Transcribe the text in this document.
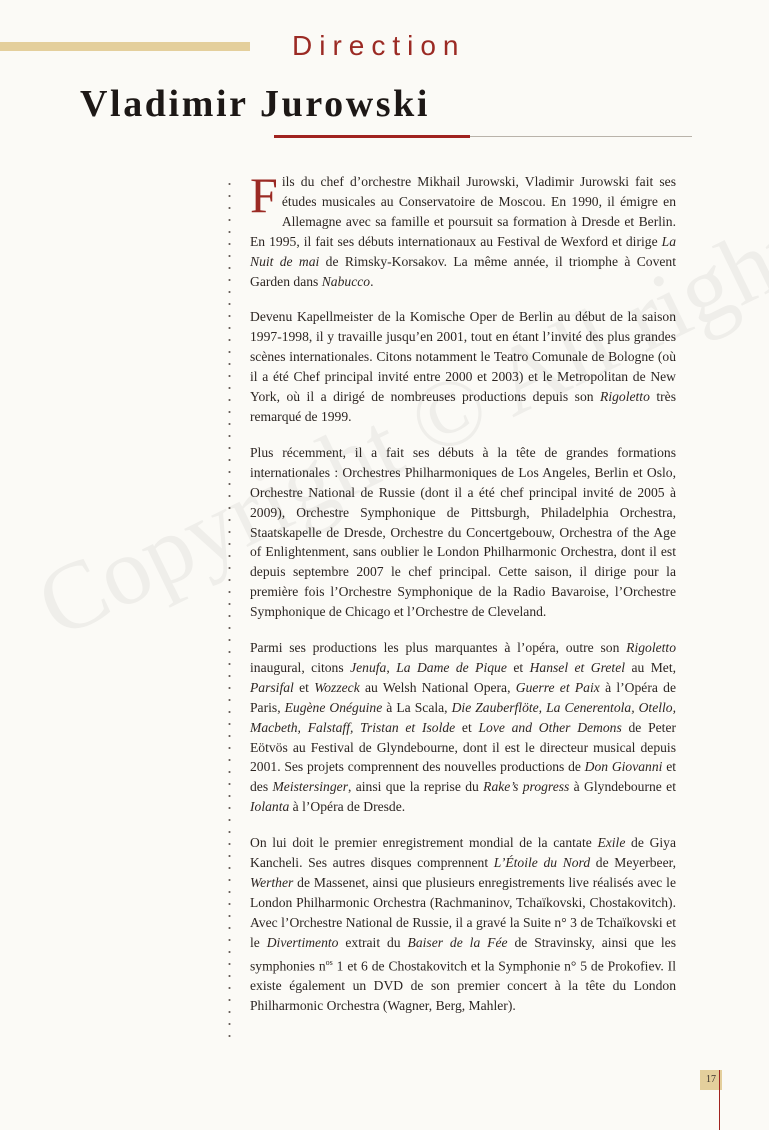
Direction
Vladimir Jurowski

Fils du chef d’orchestre Mikhail Jurowski, Vladimir Jurowski fait ses études musicales au Conservatoire de Moscou. En 1990, il émigre en Allemagne avec sa famille et poursuit sa formation à Dresde et Berlin. En 1995, il fait ses débuts internationaux au Festival de Wexford et dirige La Nuit de mai de Rimsky-Korsakov. La même année, il triomphe à Covent Garden dans Nabucco.

Devenu Kapellmeister de la Komische Oper de Berlin au début de la saison 1997-1998, il y travaille jusqu’en 2001, tout en étant l’invité des plus grandes scènes internationales. Citons notamment le Teatro Comunale de Bologne (où il a été Chef principal invité entre 2000 et 2003) et le Metropolitan de New York, où il a dirigé de nombreuses productions depuis son Rigoletto très remarqué de 1999.

Plus récemment, il a fait ses débuts à la tête de grandes formations internationales : Orchestres Philharmoniques de Los Angeles, Berlin et Oslo, Orchestre National de Russie (dont il a été chef principal invité de 2005 à 2009), Orchestre Symphonique de Pittsburgh, Philadelphia Orchestra, Staatskapelle de Dresde, Orchestre du Concertgebouw, Orchestra of the Age of Enlightenment, sans oublier le London Philharmonic Orchestra, dont il est depuis septembre 2007 le chef principal. Cette saison, il dirige pour la première fois l’Orchestre Symphonique de la Radio Bavaroise, l’Orchestre Symphonique de Chicago et l’Orchestre de Cleveland.

Parmi ses productions les plus marquantes à l’opéra, outre son Rigoletto inaugural, citons Jenufa, La Dame de Pique et Hansel et Gretel au Met, Parsifal et Wozzeck au Welsh National Opera, Guerre et Paix à l’Opéra de Paris, Eugène Onéguine à La Scala, Die Zauberflöte, La Cenerentola, Otello, Macbeth, Falstaff, Tristan et Isolde et Love and Other Demons de Peter Eötvös au Festival de Glyndebourne, dont il est le directeur musical depuis 2001. Ses projets comprennent des nouvelles productions de Don Giovanni et des Meistersinger, ainsi que la reprise du Rake’s progress à Glyndebourne et Iolanta à l’Opéra de Dresde.

On lui doit le premier enregistrement mondial de la cantate Exile de Giya Kancheli. Ses autres disques comprennent L’Étoile du Nord de Meyerbeer, Werther de Massenet, ainsi que plusieurs enregistrements live réalisés avec le London Philharmonic Orchestra (Rachmaninov, Tchaïkovski, Chostakovitch). Avec l’Orchestre National de Russie, il a gravé la Suite n° 3 de Tchaïkovski et le Divertimento extrait du Baiser de la Fée de Stravinsky, ainsi que les symphonies $n^{os}$ 1 et 6 de Chostakovitch et la Symphonie n° 5 de Prokofiev. Il existe également un DVD de son premier concert à la tête du London Philharmonic Orchestra (Wagner, Berg, Mahler).

17
